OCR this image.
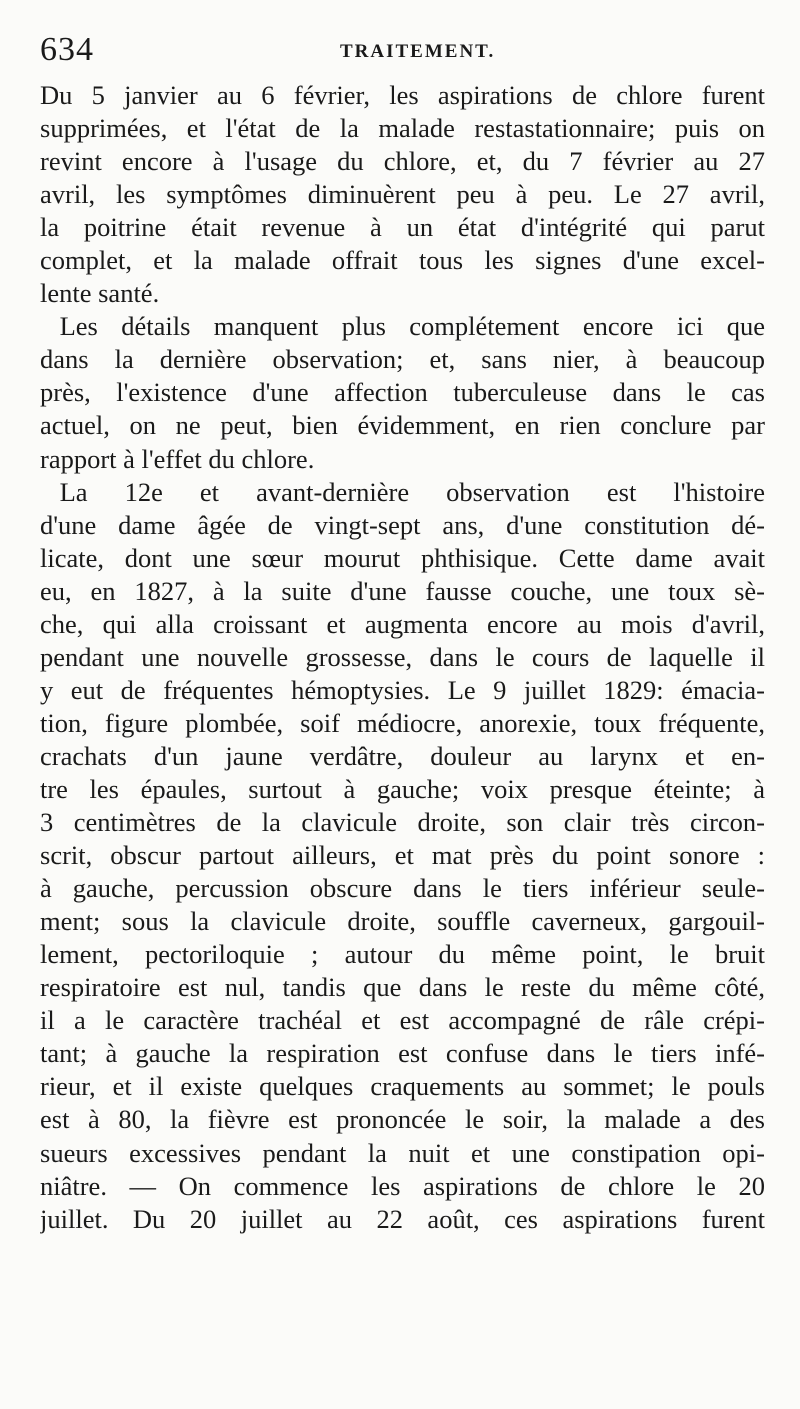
634	TRAITEMENT.
Du 5 janvier au 6 février, les aspirations de chlore furent
supprimées, et l'état de la malade restastationnaire; puis on
revint encore à l'usage du chlore, et, du 7 février au 27
avril, les symptômes diminuèrent peu à peu. Le 27 avril,
la poitrine était revenue à un état d'intégrité qui parut
complet, et la malade offrait tous les signes d'une excel-
lente santé.
Les détails manquent plus complétement encore ici que
dans la dernière observation; et, sans nier, à beaucoup
près, l'existence d'une affection tuberculeuse dans le cas
actuel, on ne peut, bien évidemment, en rien conclure par
rapport à l'effet du chlore.
La 12e et avant-dernière observation est l'histoire
d'une dame âgée de vingt-sept ans, d'une constitution dé-
licate, dont une sœur mourut phthisique. Cette dame avait
eu, en 1827, à la suite d'une fausse couche, une toux sè-
che, qui alla croissant et augmenta encore au mois d'avril,
pendant une nouvelle grossesse, dans le cours de laquelle il
y eut de fréquentes hémoptysies. Le 9 juillet 1829: émacia-
tion, figure plombée, soif médiocre, anorexie, toux fréquente,
crachats d'un jaune verdâtre, douleur au larynx et en-
tre les épaules, surtout à gauche; voix presque éteinte; à
3 centimètres de la clavicule droite, son clair très circon-
scrit, obscur partout ailleurs, et mat près du point sonore :
à gauche, percussion obscure dans le tiers inférieur seule-
ment; sous la clavicule droite, souffle caverneux, gargouil-
lement, pectoriloquie ; autour du même point, le bruit
respiratoire est nul, tandis que dans le reste du même côté,
il a le caractère trachéal et est accompagné de râle crépi-
tant; à gauche la respiration est confuse dans le tiers infé-
rieur, et il existe quelques craquements au sommet; le pouls
est à 80, la fièvre est prononcée le soir, la malade a des
sueurs excessives pendant la nuit et une constipation opi-
niâtre. — On commence les aspirations de chlore le 20
juillet. Du 20 juillet au 22 août, ces aspirations furent
